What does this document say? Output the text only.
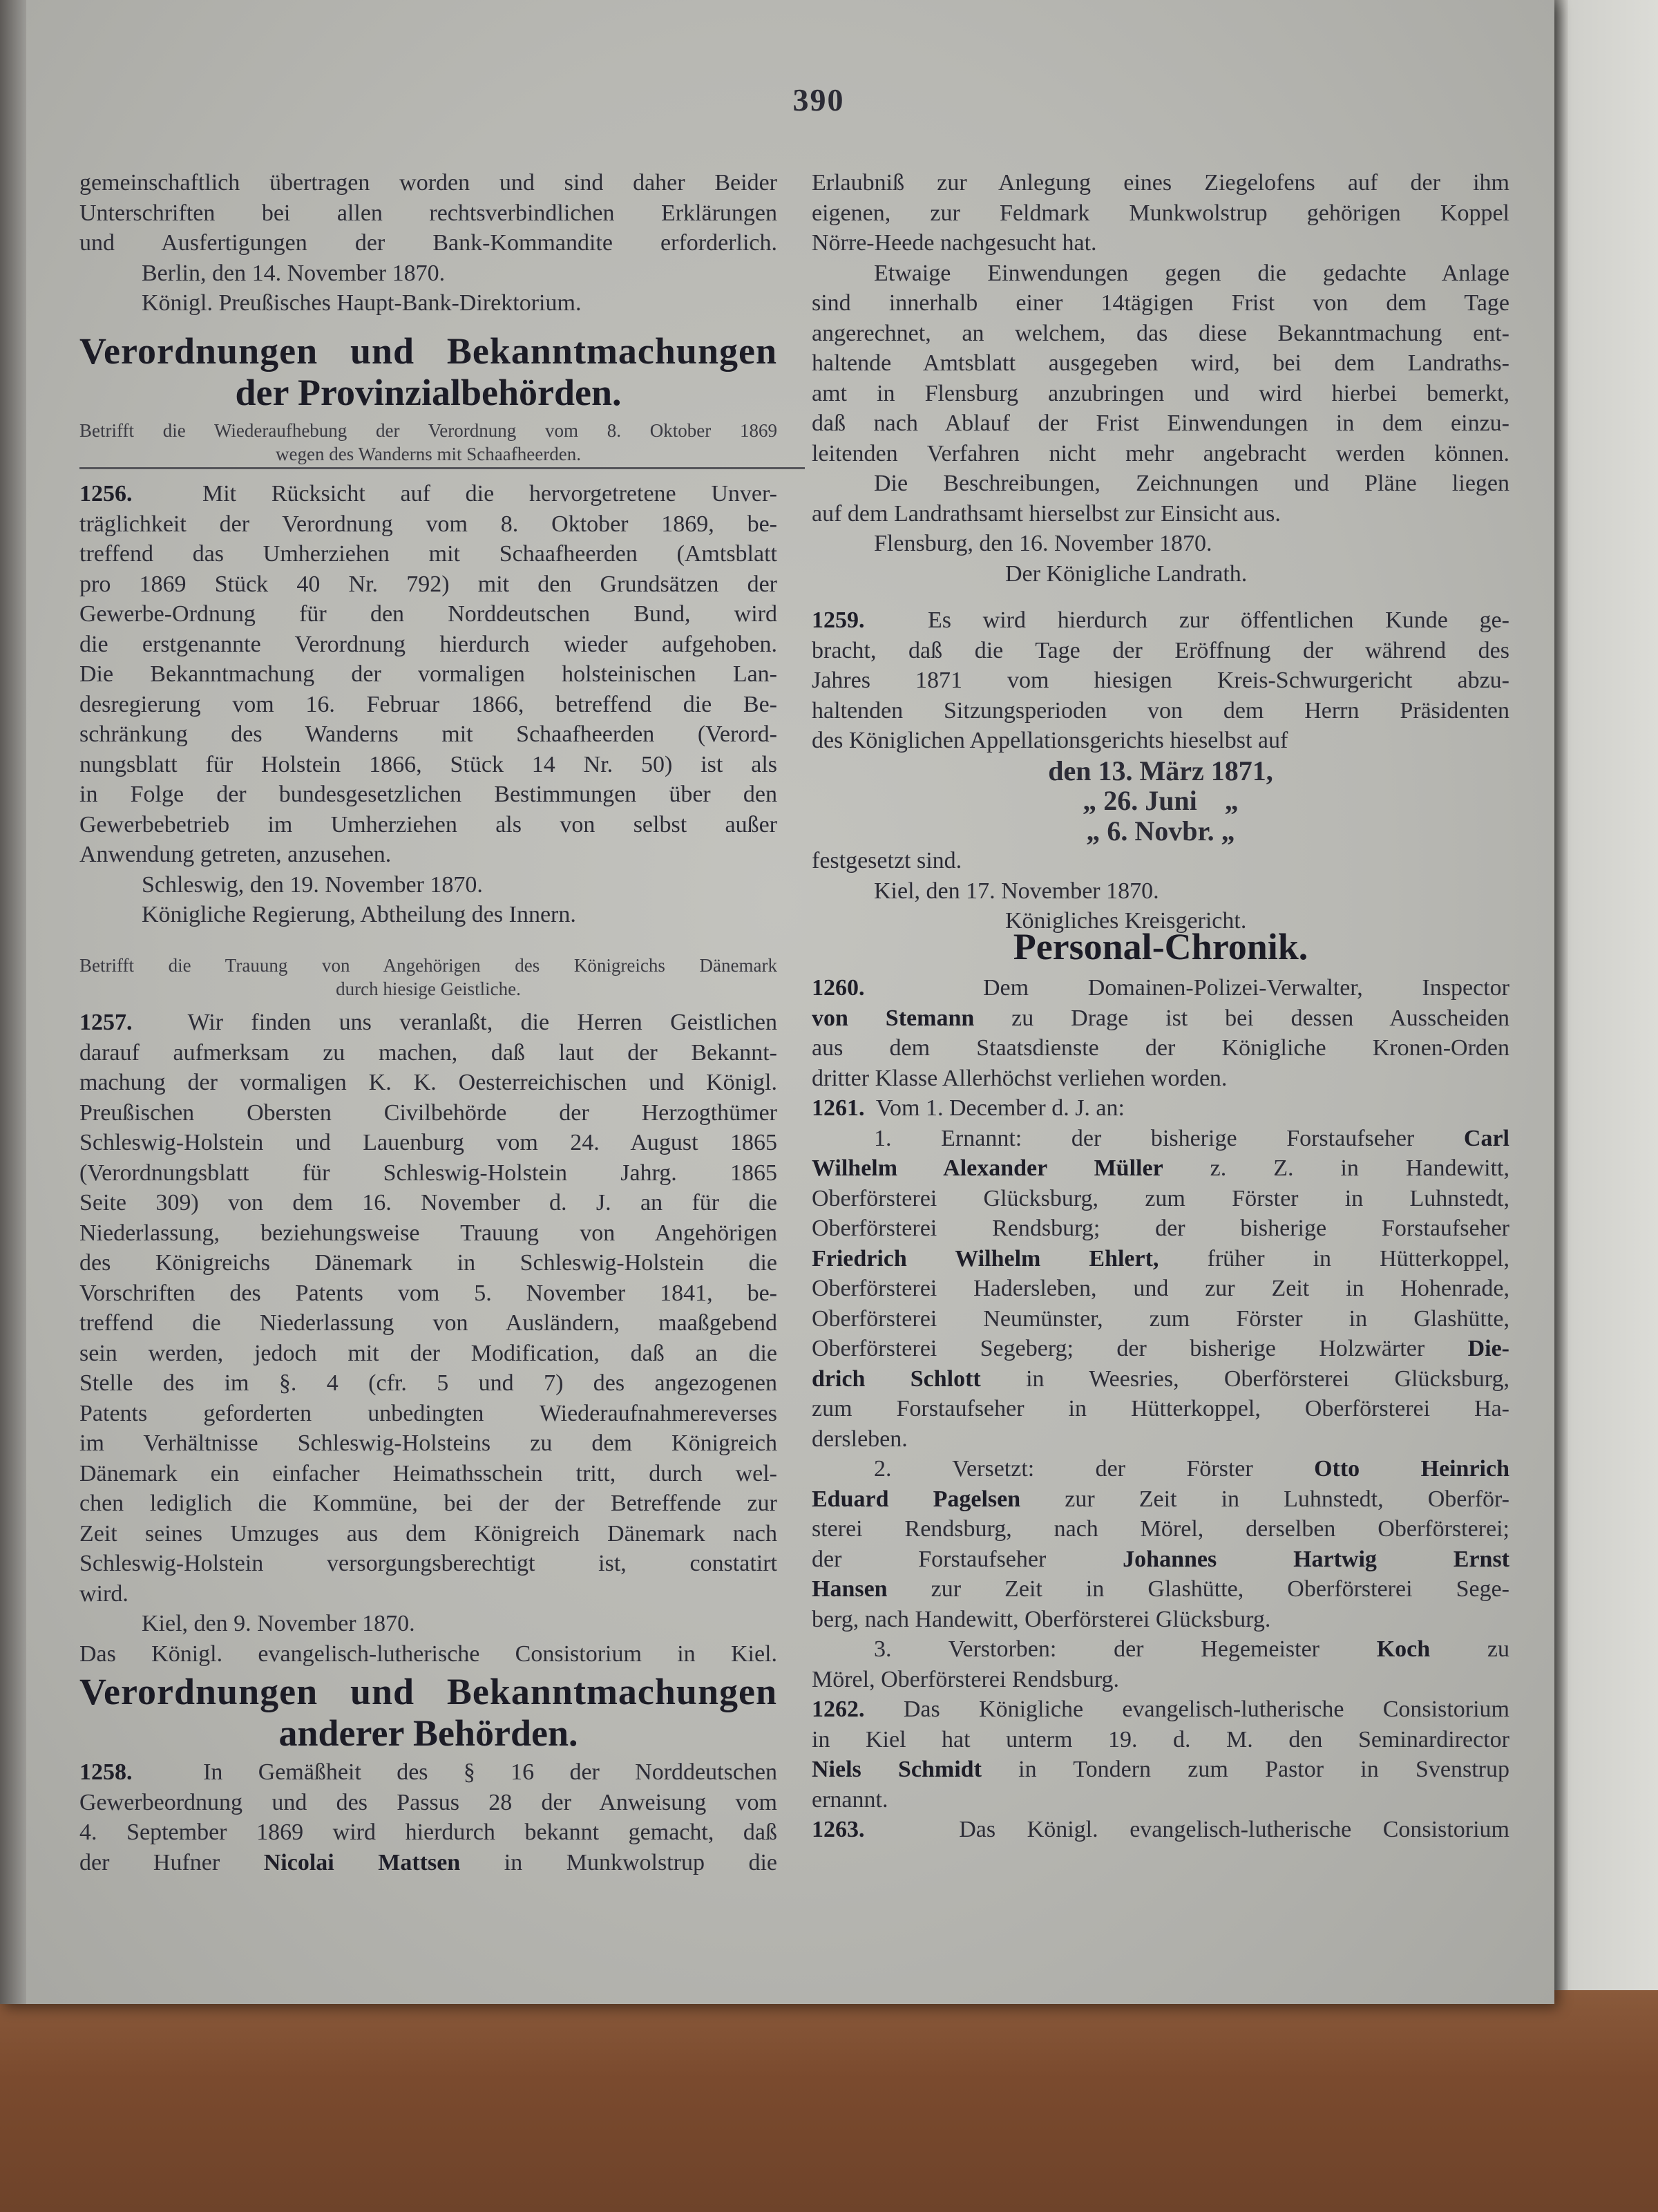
390
gemeinschaftlich übertragen worden und sind daher Beider
Unterschriften bei allen rechtsverbindlichen Erklärungen
und Ausfertigungen der Bank-Kommandite erforderlich.
Berlin, den 14. November 1870.
Königl. Preußisches Haupt-Bank-Direktorium.
Verordnungen und Bekanntmachungen
der Provinzialbehörden.
Betrifft die Wiederaufhebung der Verordnung vom 8. Oktober 1869
wegen des Wanderns mit Schaafheerden.
1256.  Mit Rücksicht auf die hervorgetretene Unver-
träglichkeit der Verordnung vom 8. Oktober 1869, be-
treffend das Umherziehen mit Schaafheerden (Amtsblatt
pro 1869 Stück 40 Nr. 792) mit den Grundsätzen der
Gewerbe-Ordnung für den Norddeutschen Bund, wird
die erstgenannte Verordnung hierdurch wieder aufgehoben.
Die Bekanntmachung der vormaligen holsteinischen Lan-
desregierung vom 16. Februar 1866, betreffend die Be-
schränkung des Wanderns mit Schaafheerden (Verord-
nungsblatt für Holstein 1866, Stück 14 Nr. 50) ist als
in Folge der bundesgesetzlichen Bestimmungen über den
Gewerbebetrieb im Umherziehen als von selbst außer
Anwendung getreten, anzusehen.
Schleswig, den 19. November 1870.
Königliche Regierung, Abtheilung des Innern.
Betrifft die Trauung von Angehörigen des Königreichs Dänemark
durch hiesige Geistliche.
1257.  Wir finden uns veranlaßt, die Herren Geistlichen
darauf aufmerksam zu machen, daß laut der Bekannt-
machung der vormaligen K. K. Oesterreichischen und Königl.
Preußischen Obersten Civilbehörde der Herzogthümer
Schleswig-Holstein und Lauenburg vom 24. August 1865
(Verordnungsblatt für Schleswig-Holstein Jahrg. 1865
Seite 309) von dem 16. November d. J. an für die
Niederlassung, beziehungsweise Trauung von Angehörigen
des Königreichs Dänemark in Schleswig-Holstein die
Vorschriften des Patents vom 5. November 1841, be-
treffend die Niederlassung von Ausländern, maaßgebend
sein werden, jedoch mit der Modification, daß an die
Stelle des im §. 4 (cfr. 5 und 7) des angezogenen
Patents geforderten unbedingten Wiederaufnahmereverses
im Verhältnisse Schleswig-Holsteins zu dem Königreich
Dänemark ein einfacher Heimathsschein tritt, durch wel-
chen lediglich die Kommüne, bei der der Betreffende zur
Zeit seines Umzuges aus dem Königreich Dänemark nach
Schleswig-Holstein versorgungsberechtigt ist, constatirt
wird.
Kiel, den 9. November 1870.
Das Königl. evangelisch-lutherische Consistorium in Kiel.
Verordnungen und Bekanntmachungen
anderer Behörden.
1258.  In Gemäßheit des § 16 der Norddeutschen
Gewerbeordnung und des Passus 28 der Anweisung vom
4. September 1869 wird hierdurch bekannt gemacht, daß
der Hufner Nicolai Mattsen in Munkwolstrup die
Erlaubniß zur Anlegung eines Ziegelofens auf der ihm
eigenen, zur Feldmark Munkwolstrup gehörigen Koppel
Nörre-Heede nachgesucht hat.
Etwaige Einwendungen gegen die gedachte Anlage
sind innerhalb einer 14tägigen Frist von dem Tage
angerechnet, an welchem, das diese Bekanntmachung ent-
haltende Amtsblatt ausgegeben wird, bei dem Landraths-
amt in Flensburg anzubringen und wird hierbei bemerkt,
daß nach Ablauf der Frist Einwendungen in dem einzu-
leitenden Verfahren nicht mehr angebracht werden können.
Die Beschreibungen, Zeichnungen und Pläne liegen
auf dem Landrathsamt hierselbst zur Einsicht aus.
Flensburg, den 16. November 1870.
Der Königliche Landrath.
1259.  Es wird hierdurch zur öffentlichen Kunde ge-
bracht, daß die Tage der Eröffnung der während des
Jahres 1871 vom hiesigen Kreis-Schwurgericht abzu-
haltenden Sitzungsperioden von dem Herrn Präsidenten
des Königlichen Appellationsgerichts hieselbst auf
den 13. März 1871,
„ 26. Juni    „
„ 6. Novbr. „
festgesetzt sind.
Kiel, den 17. November 1870.
Königliches Kreisgericht.
Personal-Chronik.
1260.  Dem Domainen-Polizei-Verwalter, Inspector
von Stemann zu Drage ist bei dessen Ausscheiden
aus dem Staatsdienste der Königliche Kronen-Orden
dritter Klasse Allerhöchst verliehen worden.
1261.  Vom 1. December d. J. an:
1. Ernannt: der bisherige Forstaufseher Carl
Wilhelm Alexander Müller z. Z. in Handewitt,
Oberförsterei Glücksburg, zum Förster in Luhnstedt,
Oberförsterei Rendsburg; der bisherige Forstaufseher
Friedrich Wilhelm Ehlert, früher in Hütterkoppel,
Oberförsterei Hadersleben, und zur Zeit in Hohenrade,
Oberförsterei Neumünster, zum Förster in Glashütte,
Oberförsterei Segeberg; der bisherige Holzwärter Die-
drich Schlott in Weesries, Oberförsterei Glücksburg,
zum Forstaufseher in Hütterkoppel, Oberförsterei Ha-
dersleben.
2. Versetzt: der Förster Otto Heinrich
Eduard Pagelsen zur Zeit in Luhnstedt, Oberför-
sterei Rendsburg, nach Mörel, derselben Oberförsterei;
der Forstaufseher Johannes Hartwig Ernst
Hansen zur Zeit in Glashütte, Oberförsterei Sege-
berg, nach Handewitt, Oberförsterei Glücksburg.
3. Verstorben: der Hegemeister Koch zu
Mörel, Oberförsterei Rendsburg.
1262. Das Königliche evangelisch-lutherische Consistorium
in Kiel hat unterm 19. d. M. den Seminardirector
Niels Schmidt in Tondern zum Pastor in Svenstrup
ernannt.
1263.   Das Königl. evangelisch-lutherische Consistorium
